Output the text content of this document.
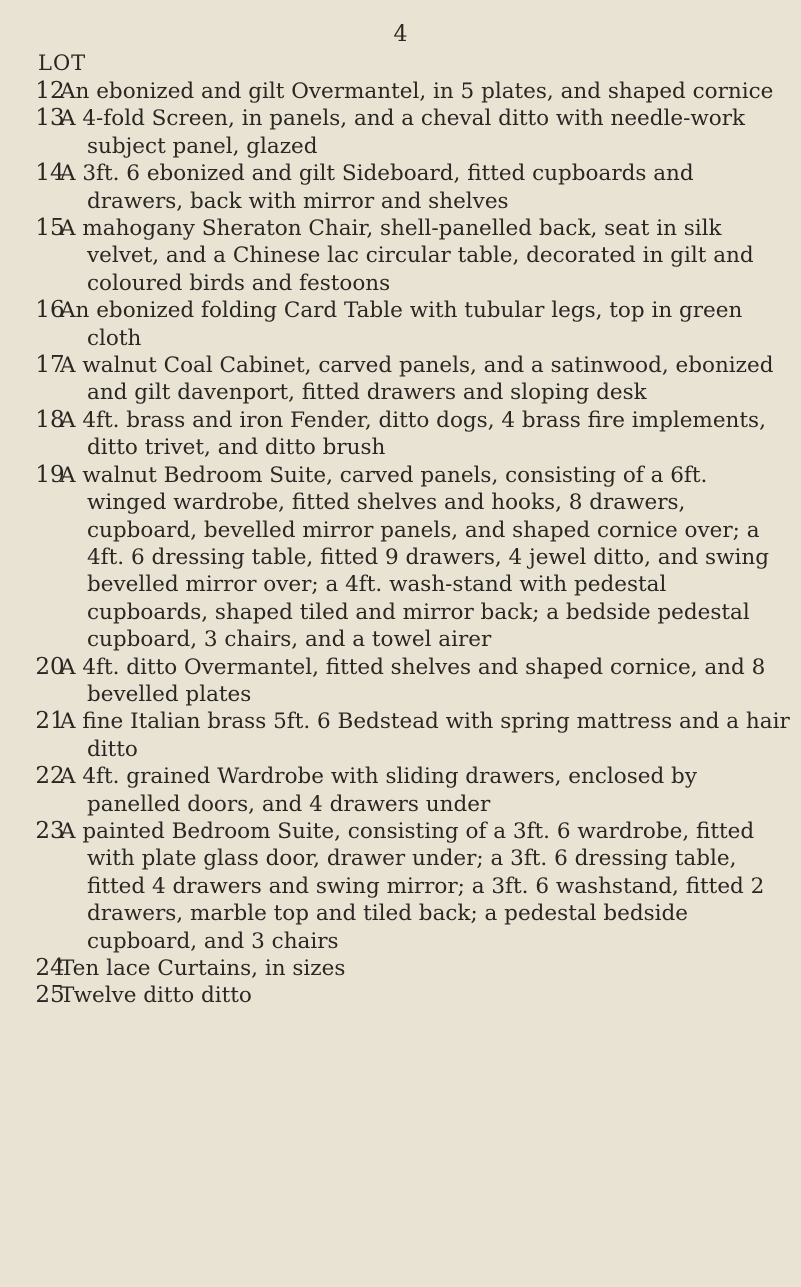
4
LOT
12
An ebonized and gilt Overmantel, in 5 plates, and shaped cornice
13
A 4-fold Screen, in panels, and a cheval ditto with needle-work subject panel, glazed
14
A 3ft. 6 ebonized and gilt Sideboard, fitted cupboards and drawers, back with mirror and shelves
15
A mahogany Sheraton Chair, shell-panelled back, seat in silk velvet, and a Chinese lac circular table, decorated in gilt and coloured birds and festoons
16
An ebonized folding Card Table with tubular legs, top in green cloth
17
A walnut Coal Cabinet, carved panels, and a satinwood, ebonized and gilt davenport, fitted drawers and sloping desk
18
A 4ft. brass and iron Fender, ditto dogs, 4 brass fire implements, ditto trivet, and ditto brush
19
A walnut Bedroom Suite, carved panels, consisting of a 6ft. winged wardrobe, fitted shelves and hooks, 8 drawers, cupboard, bevelled mirror panels, and shaped cornice over; a 4ft. 6 dressing table, fitted 9 drawers, 4 jewel ditto, and swing bevelled mirror over; a 4ft. wash-stand with pedestal cupboards, shaped tiled and mirror back; a bedside pedestal cupboard, 3 chairs, and a towel airer
20
A 4ft. ditto Overmantel, fitted shelves and shaped cornice, and 8 bevelled plates
21
A fine Italian brass 5ft. 6 Bedstead with spring mattress and a hair ditto
22
A 4ft. grained Wardrobe with sliding drawers, enclosed by panelled doors, and 4 drawers under
23
A painted Bedroom Suite, consisting of a 3ft. 6 wardrobe, fitted with plate glass door, drawer under; a 3ft. 6 dressing table, fitted 4 drawers and swing mirror; a 3ft. 6 washstand, fitted 2 drawers, marble top and tiled back; a pedestal bedside cupboard, and 3 chairs
24
Ten lace Curtains, in sizes
25
Twelve ditto ditto
